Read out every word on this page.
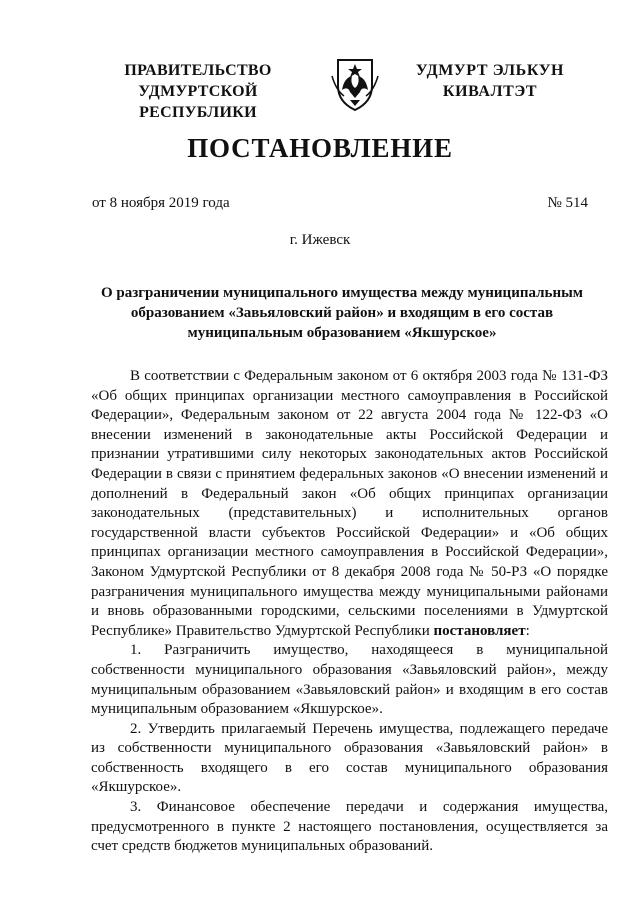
ПРАВИТЕЛЬСТВО
УДМУРТСКОЙ РЕСПУБЛИКИ
УДМУРТ ЭЛЬКУН
КИВАЛТЭТ
ПОСТАНОВЛЕНИЕ
от 8 ноября 2019 года	№ 514
г. Ижевск
О разграничении муниципального имущества между муниципальным образованием «Завьяловский район» и входящим в его состав муниципальным образованием «Якшурское»

В соответствии с Федеральным законом от 6 октября 2003 года № 131-ФЗ «Об общих принципах организации местного самоуправления в Российской Федерации», Федеральным законом от 22 августа 2004 года № 122-ФЗ «О внесении изменений в законодательные акты Российской Федерации и признании утратившими силу некоторых законодательных актов Российской Федерации в связи с принятием федеральных законов «О внесении изменений и дополнений в Федеральный закон «Об общих принципах организации законодательных (представительных) и исполнительных органов государственной власти субъектов Российской Федерации» и «Об общих принципах организации местного самоуправления в Российской Федерации», Законом Удмуртской Республики от 8 декабря 2008 года № 50-РЗ «О порядке разграничения муниципального имущества между муниципальными районами и вновь образованными городскими, сельскими поселениями в Удмуртской Республике» Правительство Удмуртской Республики постановляет:

1. Разграничить имущество, находящееся в муниципальной собственности муниципального образования «Завьяловский район», между муниципальным образованием «Завьяловский район» и входящим в его состав муниципальным образованием «Якшурское».

2. Утвердить прилагаемый Перечень имущества, подлежащего передаче из собственности муниципального образования «Завьяловский район» в собственность входящего в его состав муниципального образования «Якшурское».

3. Финансовое обеспечение передачи и содержания имущества, предусмотренного в пункте 2 настоящего постановления, осуществляется за счет средств бюджетов муниципальных образований.
